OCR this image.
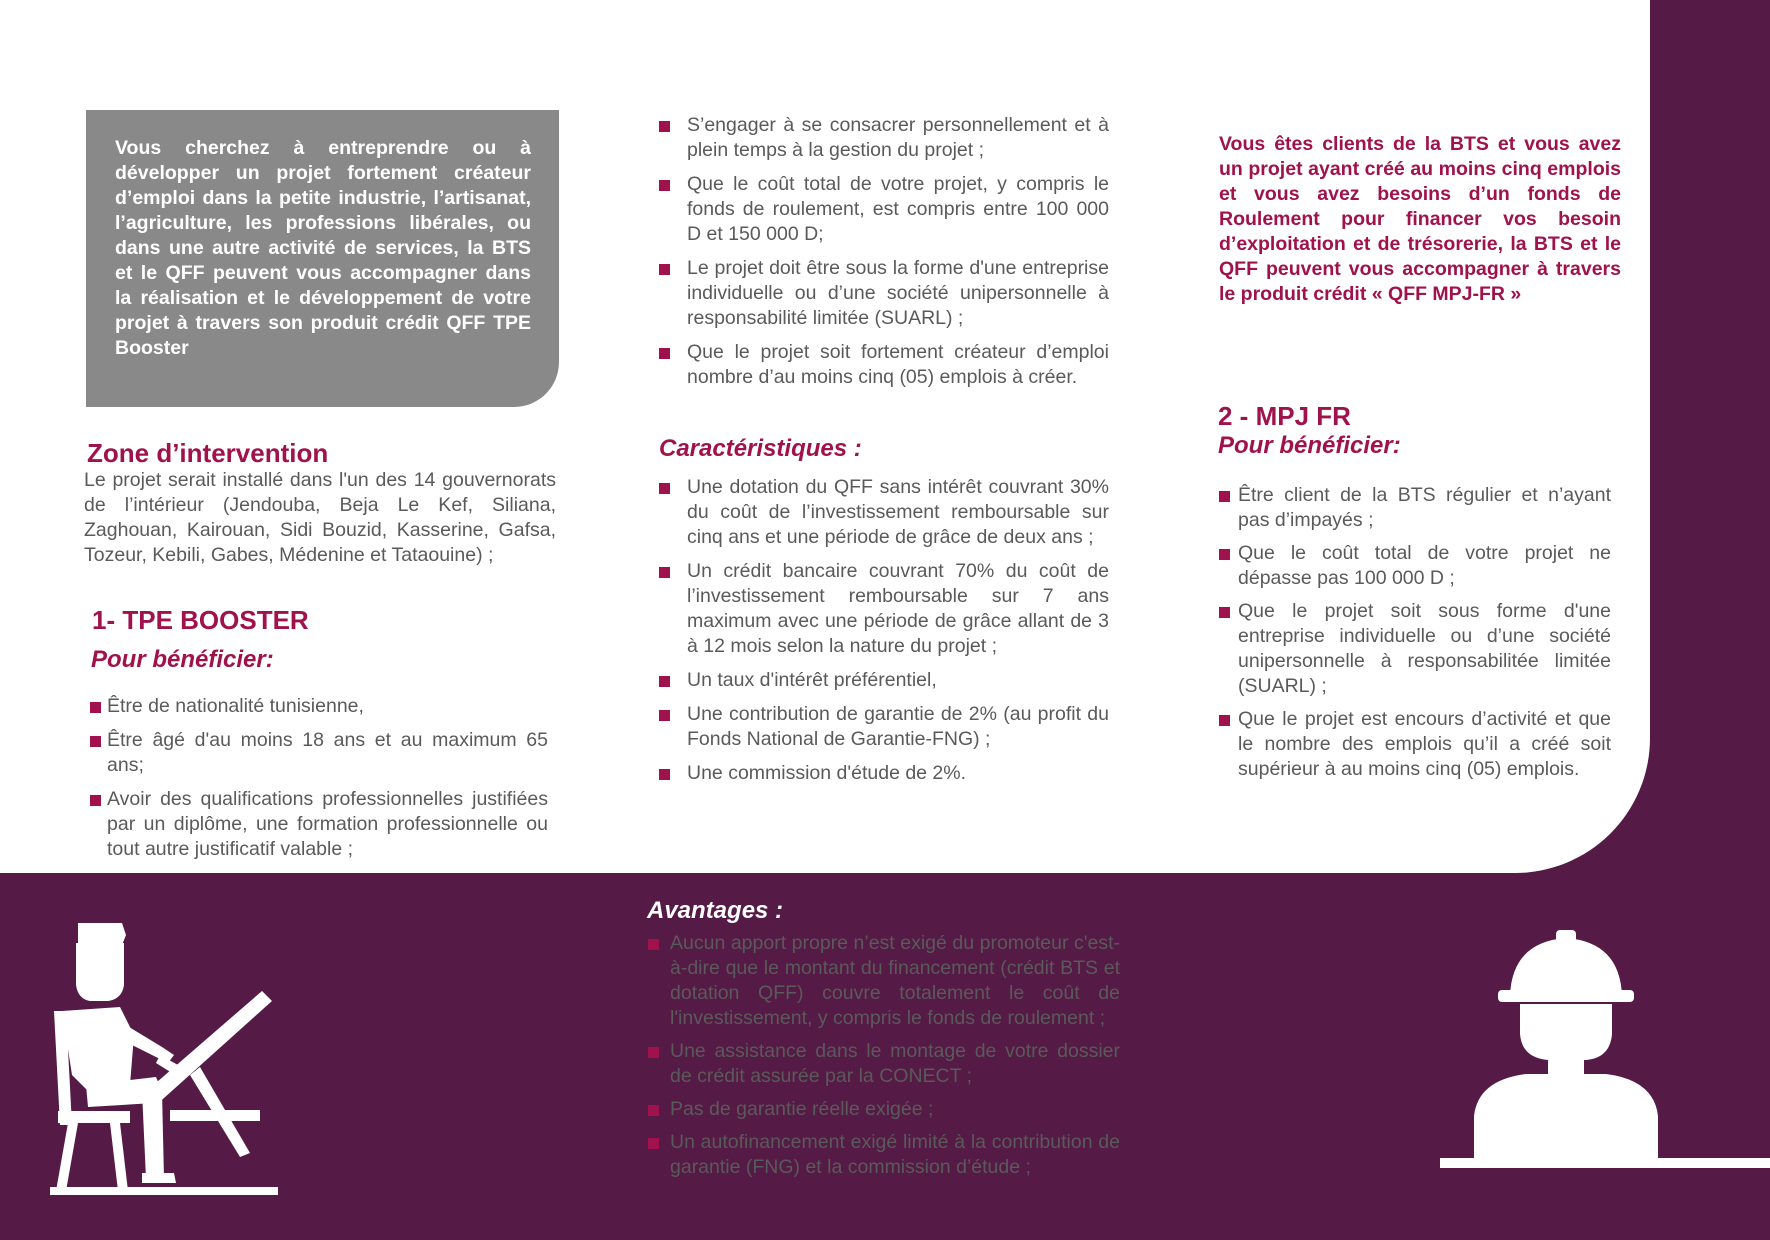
Vous cherchez à entreprendre ou à développer un projet fortement créateur d’emploi dans la petite industrie, l’artisanat, l’agriculture, les professions libérales, ou dans une autre activité de services, la BTS et le QFF peuvent vous accompagner dans la réalisation et le développement de votre projet à travers son produit crédit QFF TPE Booster

Zone d’intervention

Le projet serait installé dans l'un des 14 gouvernorats de l’intérieur (Jendouba, Beja Le Kef, Siliana, Zaghouan, Kairouan, Sidi Bouzid, Kasserine, Gafsa, Tozeur, Kebili, Gabes, Médenine et Tataouine) ;

1- TPE BOOSTER
Pour bénéficier:
Être de nationalité tunisienne,
Être âgé d'au moins 18 ans et au maximum 65 ans;
Avoir des qualifications professionnelles justifiées par un diplôme, une formation professionnelle ou tout autre justificatif valable ;
S’engager à se consacrer personnellement et à plein temps à la gestion du projet ;
Que le coût total de votre projet, y compris le fonds de roulement, est compris entre 100 000 D et 150 000 D;
Le projet doit être sous la forme d'une entreprise individuelle ou d’une société unipersonnelle à responsabilité limitée (SUARL) ;
Que le projet soit fortement créateur d’emploi nombre d’au moins cinq (05) emplois à créer.
Caractéristiques :
Une dotation du QFF sans intérêt couvrant 30% du coût de l’investissement remboursable sur cinq ans et une période de grâce de deux ans ;
Un crédit bancaire couvrant 70% du coût de l’investissement remboursable sur 7 ans maximum avec une période de grâce allant de 3 à 12 mois selon la nature du projet ;
Un taux d'intérêt préférentiel,
Une contribution de garantie de 2% (au profit du Fonds National de Garantie-FNG) ;
Une commission d'étude de 2%.

Vous êtes clients de la BTS et vous avez un projet ayant créé au moins cinq emplois et vous avez besoins d’un fonds de Roulement pour financer vos besoin d’exploitation et de trésorerie, la BTS et le QFF peuvent vous accompagner à travers le produit crédit « QFF MPJ-FR »

2 - MPJ FR
Pour bénéficier:
Être client de la BTS régulier et n’ayant pas d’impayés ;
Que le coût total de votre projet ne dépasse pas 100 000 D ;
Que le projet soit sous forme d'une entreprise individuelle ou d’une société unipersonnelle à responsabilitée limitée (SUARL) ;
Que le projet est encours d’activité et que le nombre des emplois qu’il a créé soit supérieur à au moins cinq (05) emplois.
Avantages :
Aucun apport propre n’est exigé du promoteur c'est-à-dire que le montant du financement (crédit BTS et dotation QFF) couvre totalement le coût de l'investissement, y compris le fonds de roulement ;
Une assistance dans le montage de votre dossier de crédit assurée par la CONECT ;
Pas de garantie réelle exigée ;
Un autofinancement exigé limité à la contribution de garantie (FNG) et la commission d’étude ;
